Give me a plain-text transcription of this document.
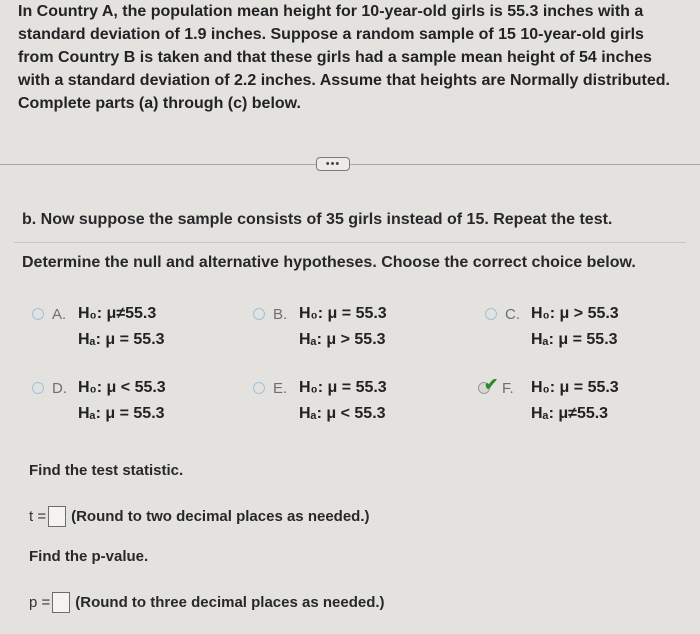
In Country A, the population mean height for 10-year-old girls is 55.3 inches with a
standard deviation of 1.9 inches. Suppose a random sample of 15 10-year-old girls
from Country B is taken and that these girls had a sample mean height of 54 inches
with a standard deviation of 2.2 inches. Assume that heights are Normally distributed.
Complete parts (a) through (c) below.
•••
b. Now suppose the sample consists of 35 girls instead of 15. Repeat the test.
Determine the null and alternative hypotheses. Choose the correct choice below.
A. H₀: μ≠55.3
Hₐ: μ = 55.3
B. H₀: μ = 55.3
Hₐ: μ > 55.3
C. H₀: μ > 55.3
Hₐ: μ = 55.3
D. H₀: μ < 55.3
Hₐ: μ = 55.3
E. H₀: μ = 55.3
Hₐ: μ < 55.3
✔ F. H₀: μ = 55.3
Hₐ: μ≠55.3
Find the test statistic.
t = (Round to two decimal places as needed.)
Find the p-value.
p = (Round to three decimal places as needed.)
